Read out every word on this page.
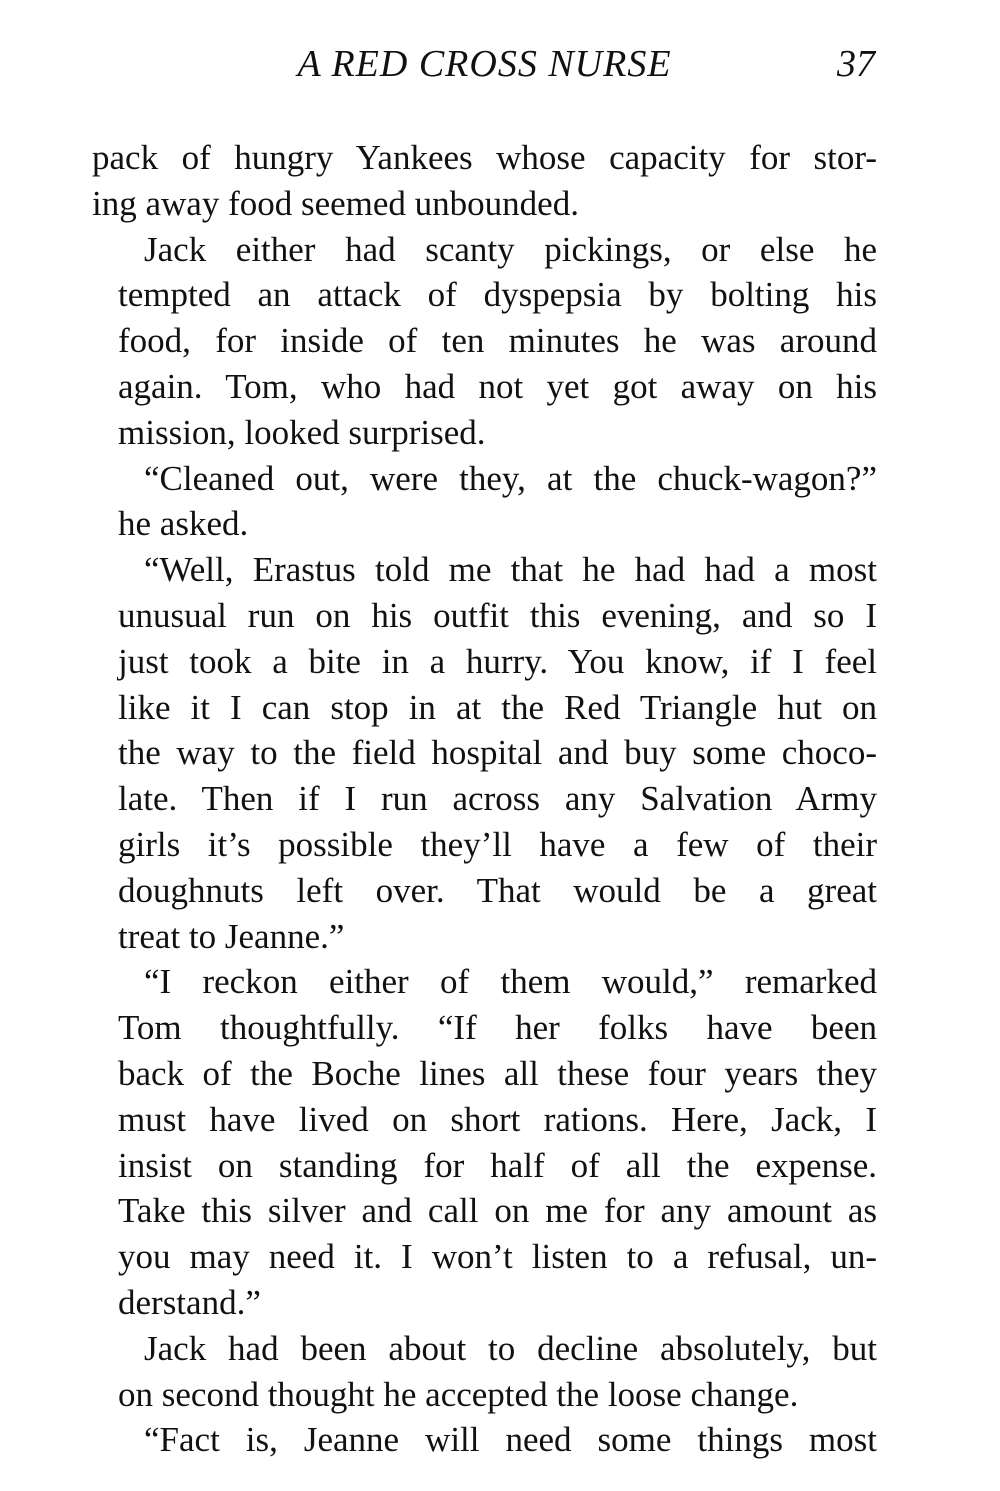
A RED CROSS NURSE	37
pack of hungry Yankees whose capacity for stor-
ing away food seemed unbounded.
Jack either had scanty pickings, or else he
tempted an attack of dyspepsia by bolting his
food, for inside of ten minutes he was around
again. Tom, who had not yet got away on his
mission, looked surprised.
“Cleaned out, were they, at the chuck-wagon?”
he asked.
“Well, Erastus told me that he had had a most
unusual run on his outfit this evening, and so I
just took a bite in a hurry. You know, if I feel
like it I can stop in at the Red Triangle hut on
the way to the field hospital and buy some choco-
late. Then if I run across any Salvation Army
girls it’s possible they’ll have a few of their
doughnuts left over. That would be a great
treat to Jeanne.”
“I reckon either of them would,” remarked
Tom thoughtfully. “If her folks have been
back of the Boche lines all these four years they
must have lived on short rations. Here, Jack, I
insist on standing for half of all the expense.
Take this silver and call on me for any amount as
you may need it. I won’t listen to a refusal, un-
derstand.”
Jack had been about to decline absolutely, but
on second thought he accepted the loose change.
“Fact is, Jeanne will need some things most
